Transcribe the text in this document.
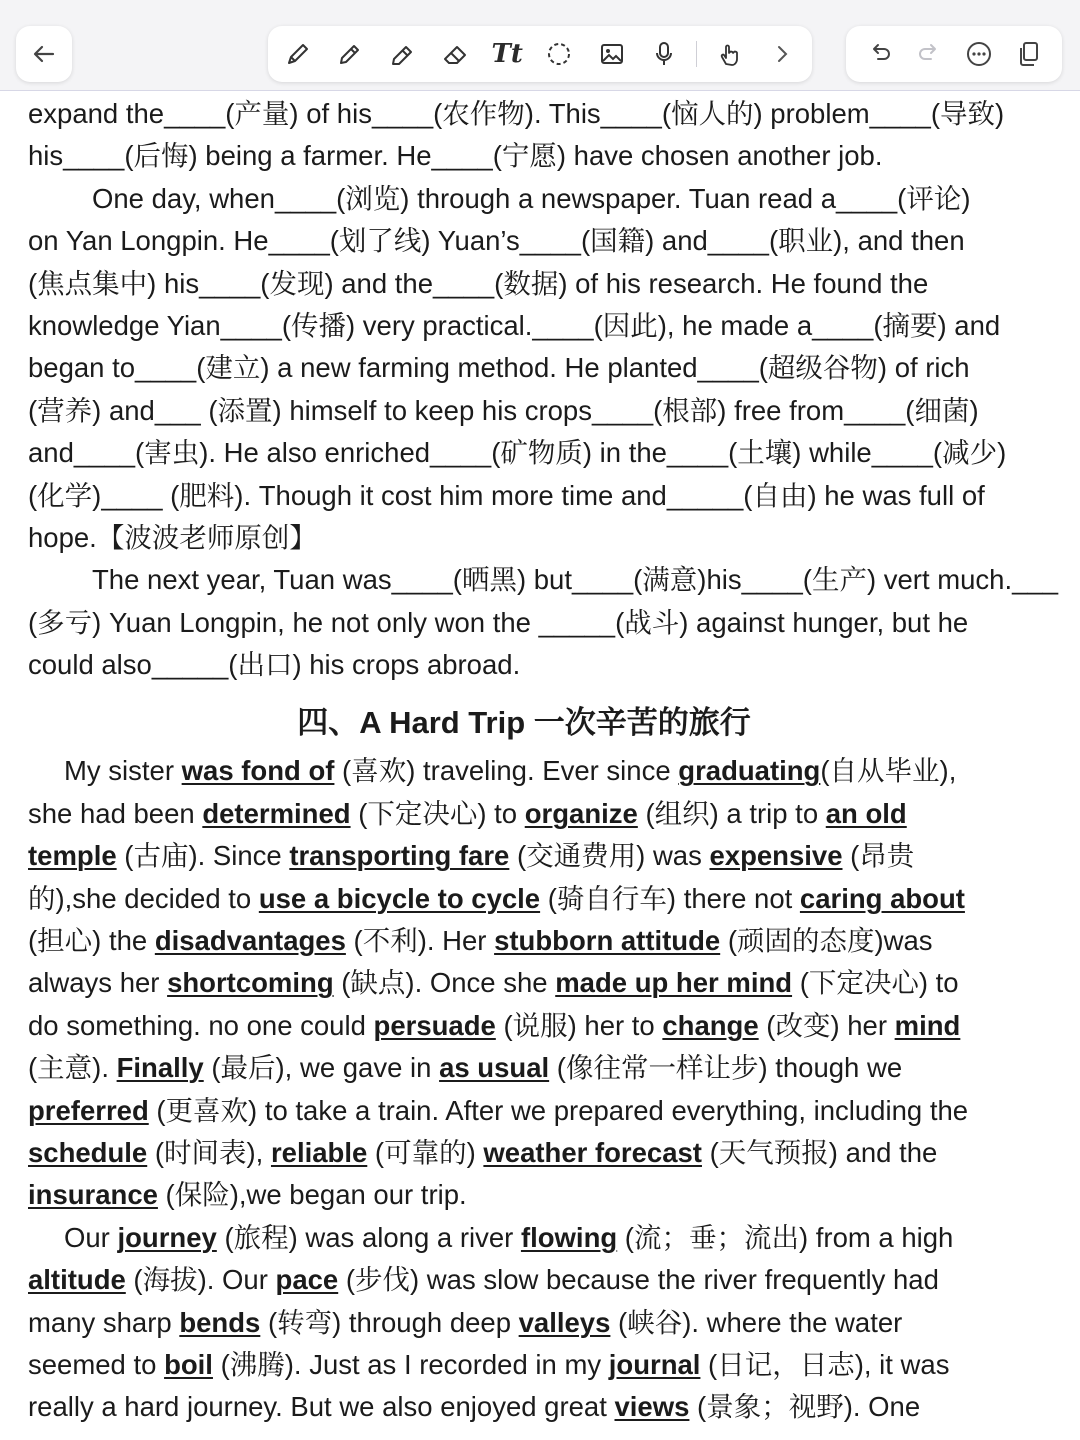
Tt
expand the____(产量) of his____(农作物). This____(恼人的) problem____(导致)
his____(后悔) being a farmer. He____(宁愿) have chosen another job.
One day, when____(浏览) through a newspaper. Tuan read a____(评论)
on Yan Longpin. He____(划了线) Yuan’s____(国籍) and____(职业), and then
(焦点集中) his____(发现) and the____(数据) of his research. He found the
knowledge Yian____(传播) very practical.____(因此), he made a____(摘要) and
began to____(建立) a new farming method. He planted____(超级谷物) of rich
(营养) and___ (添置) himself to keep his crops____(根部) free from____(细菌)
and____(害虫). He also enriched____(矿物质) in the____(土壤) while____(减少)
(化学)____ (肥料). Though it cost him more time and_____(自由) he was full of
hope.【波波老师原创】
The next year, Tuan was____(晒黑) but____(满意)his____(生产) vert much.___
(多亏) Yuan Longpin, he not only won the _____(战斗) against hunger, but he
could also_____(出口) his crops abroad.
四、A Hard Trip 一次辛苦的旅行
My sister was fond of (喜欢) traveling. Ever since graduating(自从毕业),
she had been determined (下定决心) to organize (组织) a trip to an old
temple (古庙). Since transporting fare (交通费用) was expensive (昂贵
的),she decided to use a bicycle to cycle (骑自行车) there not caring about
(担心) the disadvantages (不利). Her stubborn attitude (顽固的态度)was
always her shortcoming (缺点). Once she made up her mind (下定决心) to
do something. no one could persuade (说服) her to change (改变) her mind
(主意). Finally (最后), we gave in as usual (像往常一样让步) though we
preferred (更喜欢) to take a train. After we prepared everything, including the
schedule (时间表), reliable (可靠的) weather forecast (天气预报) and the
insurance (保险),we began our trip.
Our journey (旅程) was along a river flowing (流；垂；流出) from a high
altitude (海拔). Our pace (步伐) was slow because the river frequently had
many sharp bends (转弯) through deep valleys (峡谷). where the water
seemed to boil (沸腾). Just as I recorded in my journal (日记，日志), it was
really a hard journey. But we also enjoyed great views (景象；视野). One
